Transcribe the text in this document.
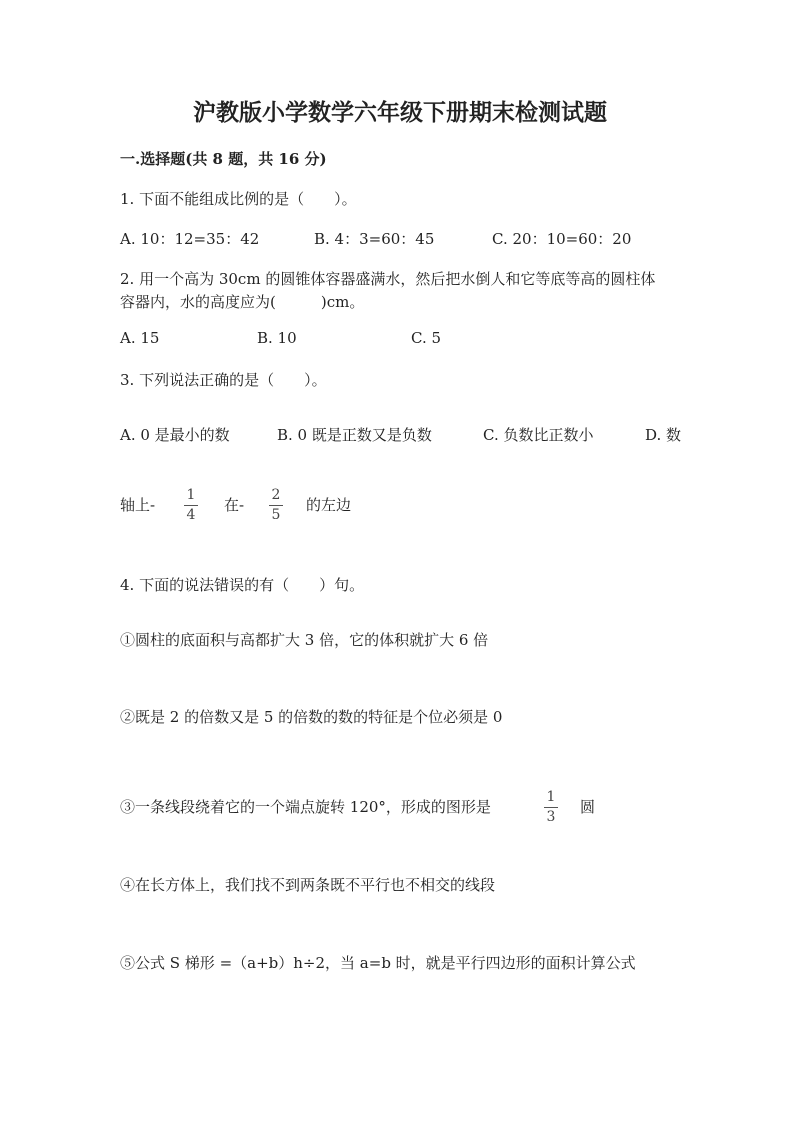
沪教版小学数学六年级下册期末检测试题
一.选择题(共 8 题，共 16 分)
1. 下面不能组成比例的是（　　）。
A. 10：12=35：42	B. 4：3=60：45	C. 20：10=60：20
2. 用一个高为 30cm 的圆锥体容器盛满水，然后把水倒人和它等底等高的圆柱体
容器内，水的高度应为(　　　)cm。
A. 15	B. 10	C. 5
3. 下列说法正确的是（　　）。
A. 0 是最小的数	B. 0 既是正数又是负数	C. 负数比正数小	D. 数
轴上-
1
4
在-
2
5
的左边
4. 下面的说法错误的有（　　）句。
①圆柱的底面积与高都扩大 3 倍，它的体积就扩大 6 倍
②既是 2 的倍数又是 5 的倍数的数的特征是个位必须是 0
③一条线段绕着它的一个端点旋转 120°，形成的图形是
1
3
圆
④在长方体上，我们找不到两条既不平行也不相交的线段
⑤公式 S 梯形 =（a+b）h÷2，当 a=b 时，就是平行四边形的面积计算公式
